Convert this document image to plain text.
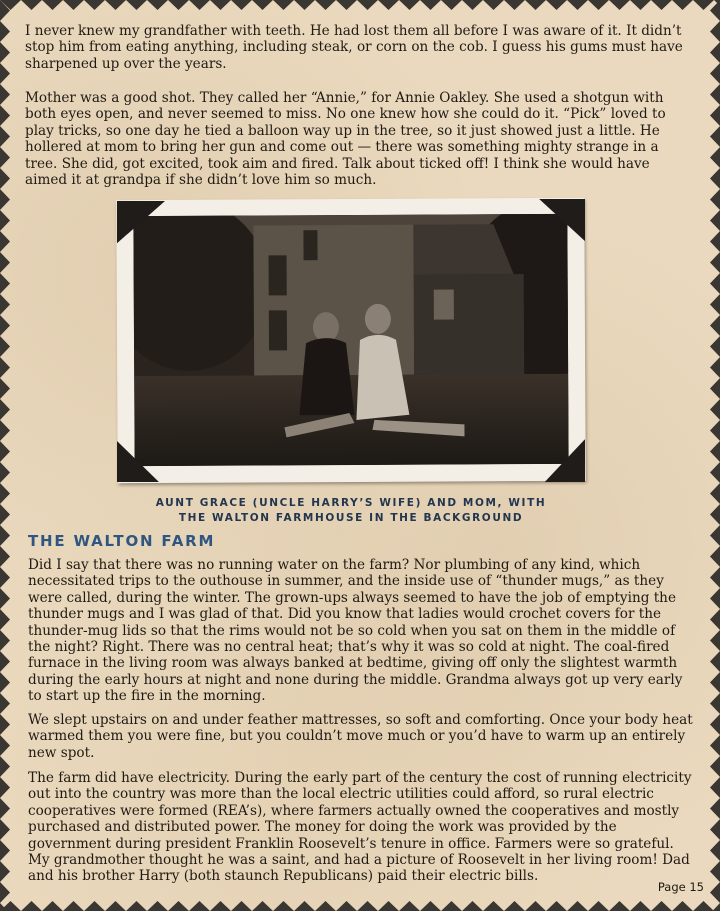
I never knew my grandfather with teeth. He had lost them all before I was aware of it. It didn’t stop him from eating anything, including steak, or corn on the cob. I guess his gums must have sharpened up over the years.

Mother was a good shot. They called her “Annie,” for Annie Oakley. She used a shotgun with both eyes open, and never seemed to miss. No one knew how she could do it. “Pick” loved to play tricks, so one day he tied a balloon way up in the tree, so it just showed just a little. He hollered at mom to bring her gun and come out — there was something mighty strange in a tree. She did, got excited, took aim and fired. Talk about ticked off! I think she would have aimed it at grandpa if she didn’t love him so much.

AUNT GRACE (UNCLE HARRY’S WIFE) AND MOM, WITH
THE WALTON FARMHOUSE IN THE BACKGROUND
THE WALTON FARM

Did I say that there was no running water on the farm? Nor plumbing of any kind, which necessitated trips to the outhouse in summer, and the inside use of “thunder mugs,” as they were called, during the winter. The grown-ups always seemed to have the job of emptying the thunder mugs and I was glad of that. Did you know that ladies would crochet covers for the thunder-mug lids so that the rims would not be so cold when you sat on them in the middle of the night? Right. There was no central heat; that’s why it was so cold at night. The coal-fired furnace in the living room was always banked at bedtime, giving off only the slightest warmth during the early hours at night and none during the middle. Grandma always got up very early to start up the fire in the morning.

We slept upstairs on and under feather mattresses, so soft and comforting. Once your body heat warmed them you were fine, but you couldn’t move much or you’d have to warm up an entirely new spot.

The farm did have electricity. During the early part of the century the cost of running electricity out into the country was more than the local electric utilities could afford, so rural electric cooperatives were formed (REA’s), where farmers actually owned the cooperatives and mostly purchased and distributed power. The money for doing the work was provided by the government during president Franklin Roosevelt’s tenure in office. Farmers were so grateful. My grandmother thought he was a saint, and had a picture of Roosevelt in her living room! Dad and his brother Harry (both staunch Republicans) paid their electric bills.

Page 15
